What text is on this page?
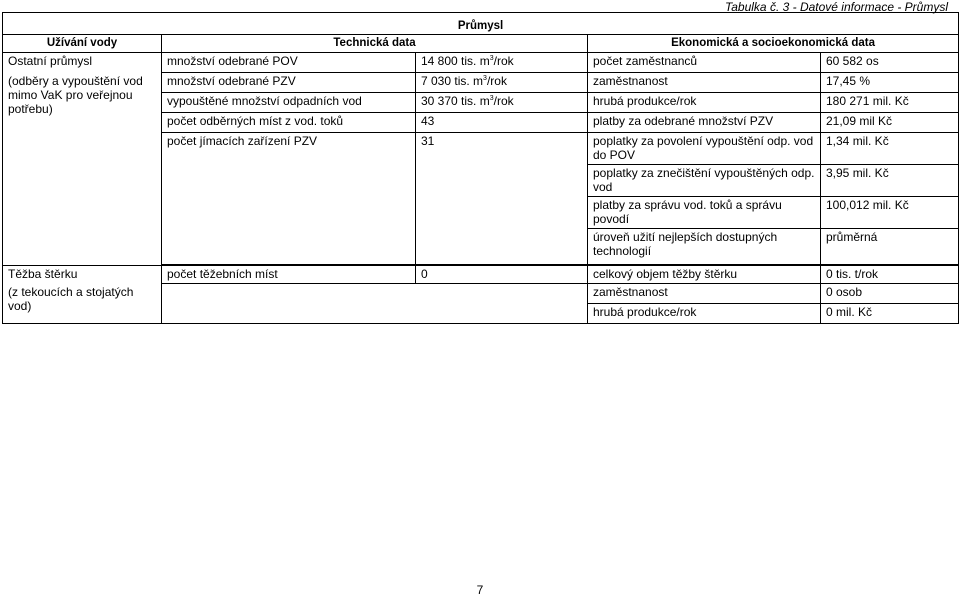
Tabulka č. 3 - Datové informace - Průmysl
Průmysl				
Užívání vody	Technická data		Ekonomická a socioekonomická data	
Ostatní průmysl	množství odebrané POV	14 800 tis. $m^3$/rok	počet zaměstnanců	60 582 os
(odběry a vypouštění vod mimo VaK pro veřejnou potřebu)	množství odebrané PZV	7 030 tis. $m^3$/rok	zaměstnanost	17,45 %
	vypouštěné množství odpadních vod	30 370 tis. $m^3$/rok	hrubá produkce/rok	180 271 mil. Kč
	počet odběrných míst z vod. toků	43	platby za odebrané množství PZV	21,09 mil Kč
	počet jímacích zařízení PZV	31	poplatky za povolení vypouštění odp. vod do POV	1,34 mil. Kč
			poplatky za znečištění vypouštěných odp. vod	3,95 mil. Kč
			platby za správu vod. toků a správu povodí	100,012 mil. Kč
			úroveň užití nejlepších dostupných technologií	průměrná

Těžba štěrku	počet těžebních míst	0	celkový objem těžby štěrku	0 tis. t/rok
(z tekoucích a stojatých vod)			zaměstnanost	0 osob
			hrubá produkce/rok	0 mil. Kč
7
